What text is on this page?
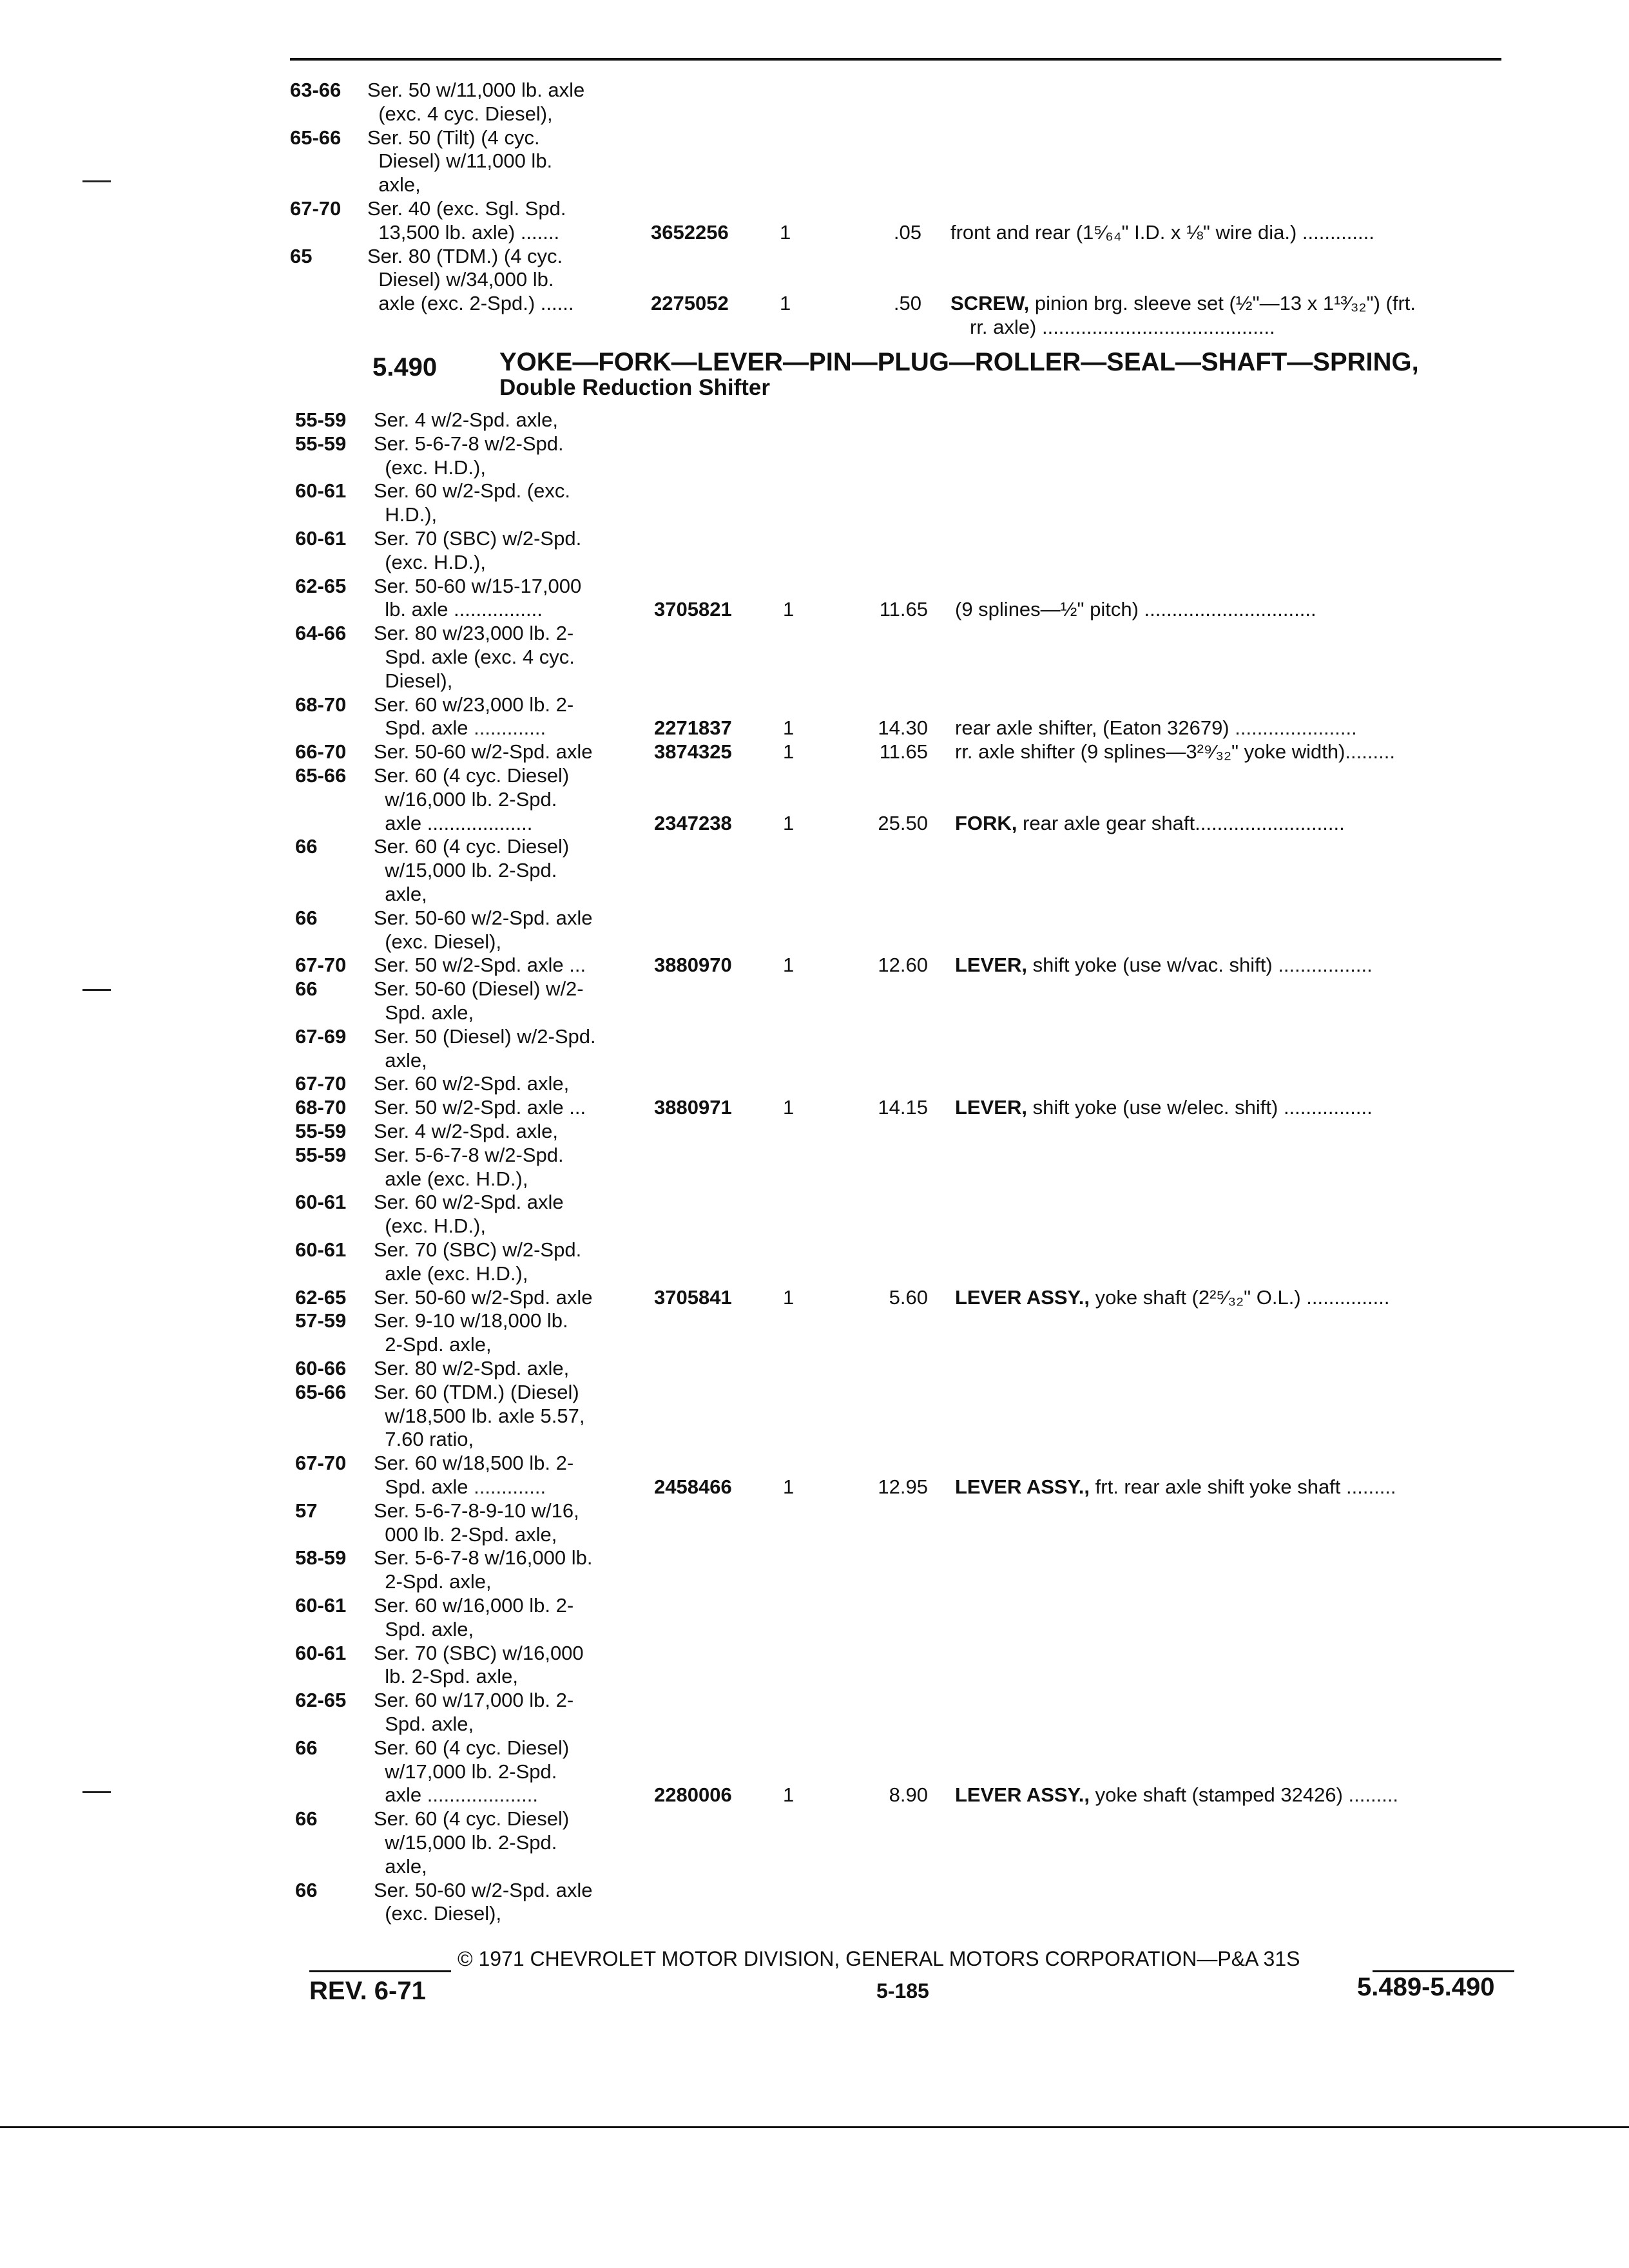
5.490 YOKE—FORK—LEVER—PIN—PLUG—ROLLER—SEAL—SHAFT—SPRING,
Double Reduction Shifter
63-66 Ser. 50 w/11,000 lb. axle
(exc. 4 cyc. Diesel),
65-66 Ser. 50 (Tilt) (4 cyc.
Diesel) w/11,000 lb.
axle,
67-70 Ser. 40 (exc. Sgl. Spd.
13,500 lb. axle) .......	3652256	1	.05 front and rear (1⁵⁄₆₄" I.D. x ⅛" wire dia.) .............
65	Ser. 80 (TDM.) (4 cyc.
Diesel) w/34,000 lb.
axle (exc. 2-Spd.) ......	2275052	1	.50 SCREW, pinion brg. sleeve set (½"—13 x 1¹³⁄₃₂") (frt.
rr. axle) ..........................................
55-59 Ser. 4 w/2-Spd. axle,
55-59 Ser. 5-6-7-8 w/2-Spd.
(exc. H.D.),
60-61 Ser. 60 w/2-Spd. (exc.
H.D.),
60-61 Ser. 70 (SBC) w/2-Spd.
(exc. H.D.),
62-65 Ser. 50-60 w/15-17,000
lb. axle ................	3705821	1	11.65 (9 splines—½" pitch) ...............................
64-66 Ser. 80 w/23,000 lb. 2-
Spd. axle (exc. 4 cyc.
Diesel),
68-70 Ser. 60 w/23,000 lb. 2-
Spd. axle .............	2271837	1	14.30 rear axle shifter, (Eaton 32679) ......................
66-70 Ser. 50-60 w/2-Spd. axle	3874325	1	11.65 rr. axle shifter (9 splines—3²⁹⁄₃₂" yoke width).........
65-66 Ser. 60 (4 cyc. Diesel)
w/16,000 lb. 2-Spd.
axle ...................	2347238	1	25.50 FORK, rear axle gear shaft...........................
66	Ser. 60 (4 cyc. Diesel)
w/15,000 lb. 2-Spd.
axle,
66	Ser. 50-60 w/2-Spd. axle
(exc. Diesel),
67-70 Ser. 50 w/2-Spd. axle ...	3880970	1	12.60 LEVER, shift yoke (use w/vac. shift) .................
66	Ser. 50-60 (Diesel) w/2-
Spd. axle,
67-69 Ser. 50 (Diesel) w/2-Spd.
axle,
67-70 Ser. 60 w/2-Spd. axle,
68-70 Ser. 50 w/2-Spd. axle ...	3880971	1	14.15 LEVER, shift yoke (use w/elec. shift) ................
55-59 Ser. 4 w/2-Spd. axle,
55-59 Ser. 5-6-7-8 w/2-Spd.
axle (exc. H.D.),
60-61 Ser. 60 w/2-Spd. axle
(exc. H.D.),
60-61 Ser. 70 (SBC) w/2-Spd.
axle (exc. H.D.),
62-65 Ser. 50-60 w/2-Spd. axle	3705841	1	5.60 LEVER ASSY., yoke shaft (2²⁵⁄₃₂" O.L.) ...............
57-59 Ser. 9-10 w/18,000 lb.
2-Spd. axle,
60-66 Ser. 80 w/2-Spd. axle,
65-66 Ser. 60 (TDM.) (Diesel)
w/18,500 lb. axle 5.57,
7.60 ratio,
67-70 Ser. 60 w/18,500 lb. 2-
Spd. axle .............	2458466	1	12.95 LEVER ASSY., frt. rear axle shift yoke shaft .........
57	Ser. 5-6-7-8-9-10 w/16,
000 lb. 2-Spd. axle,
58-59 Ser. 5-6-7-8 w/16,000 lb.
2-Spd. axle,
60-61 Ser. 60 w/16,000 lb. 2-
Spd. axle,
60-61 Ser. 70 (SBC) w/16,000
lb. 2-Spd. axle,
62-65 Ser. 60 w/17,000 lb. 2-
Spd. axle,
66	Ser. 60 (4 cyc. Diesel)
w/17,000 lb. 2-Spd.
axle ....................	2280006	1	8.90 LEVER ASSY., yoke shaft (stamped 32426) .........
66	Ser. 60 (4 cyc. Diesel)
w/15,000 lb. 2-Spd.
axle,
66	Ser. 50-60 w/2-Spd. axle
(exc. Diesel),
© 1971 CHEVROLET MOTOR DIVISION, GENERAL MOTORS CORPORATION—P&A 31S
REV. 6-71	5-185	5.489-5.490
